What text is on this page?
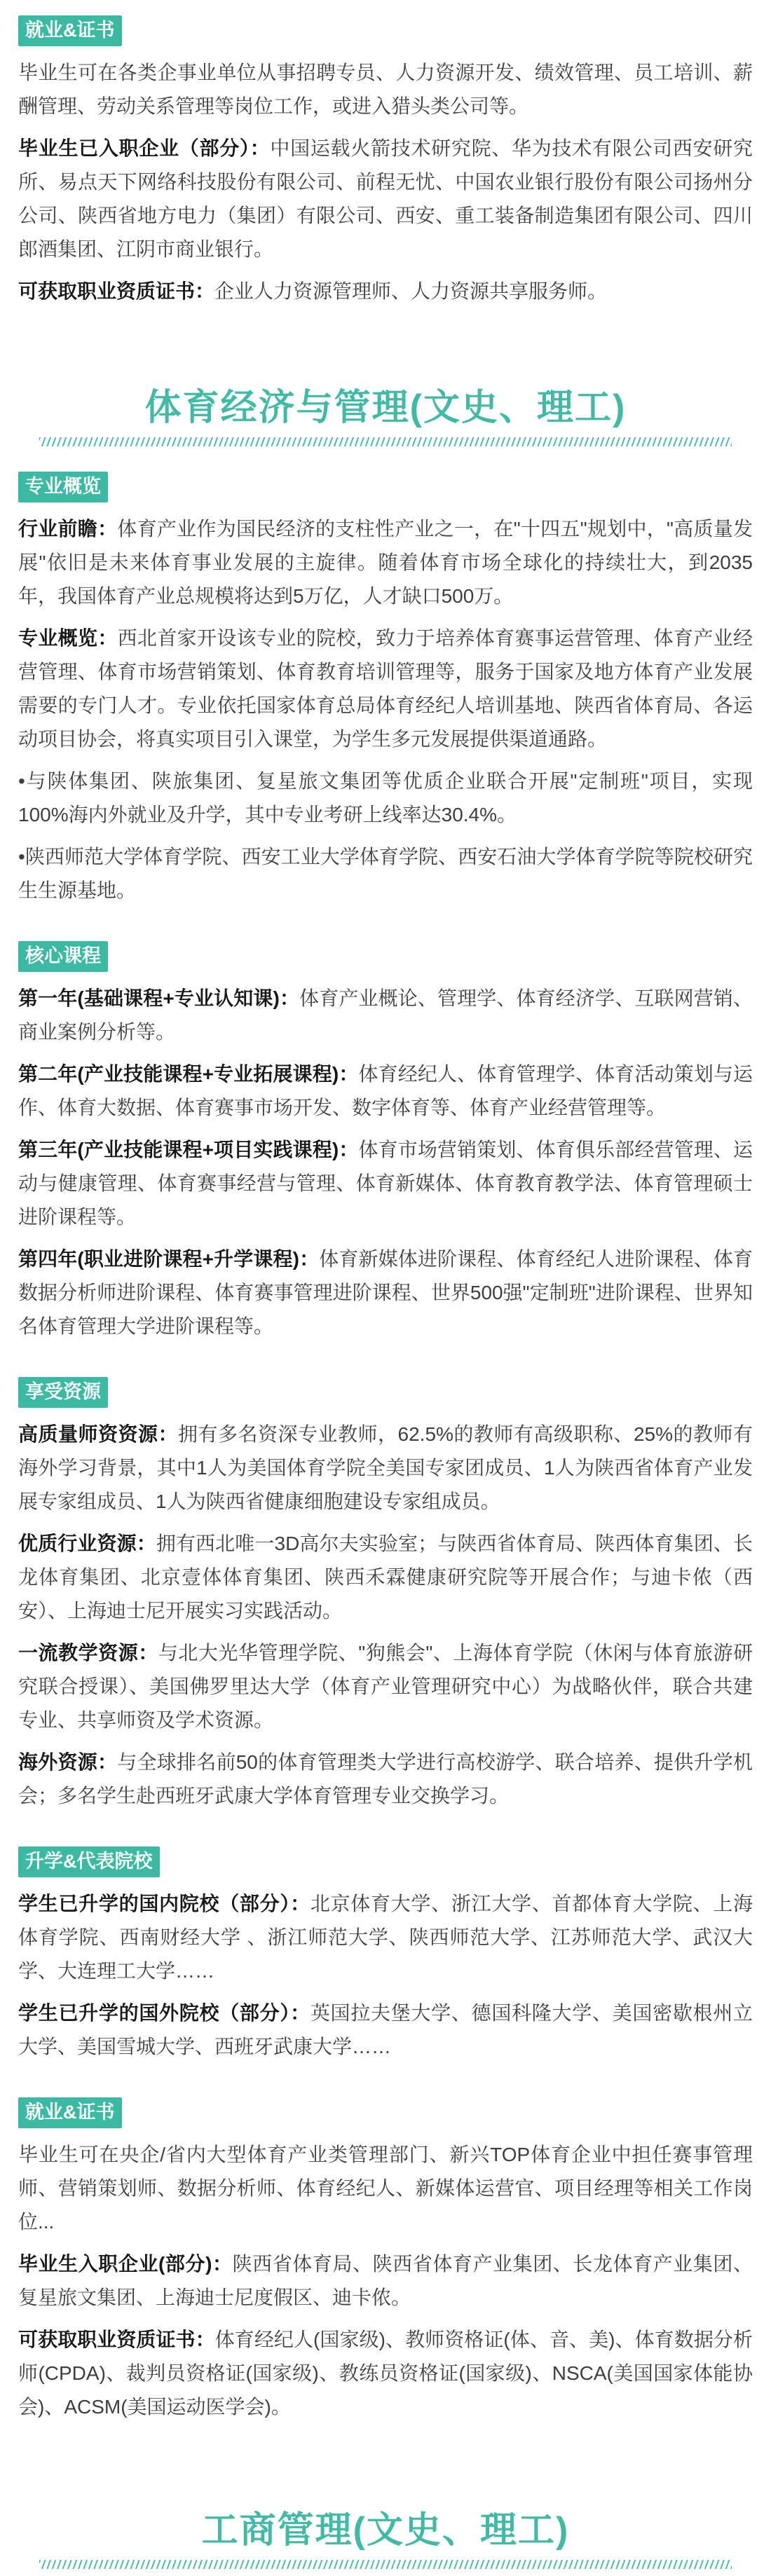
就业&证书

毕业生可在各类企事业单位从事招聘专员、人力资源开发、绩效管理、员工培训、薪酬管理、劳动关系管理等岗位工作，或进入猎头类公司等。

毕业生已入职企业（部分）：中国运载火箭技术研究院、华为技术有限公司西安研究所、易点天下网络科技股份有限公司、前程无忧、中国农业银行股份有限公司扬州分公司、陕西省地方电力（集团）有限公司、西安、重工装备制造集团有限公司、四川郎酒集团、江阴市商业银行。

可获取职业资质证书：企业人力资源管理师、人力资源共享服务师。

体育经济与管理(文史、理工)
专业概览

行业前瞻：体育产业作为国民经济的支柱性产业之一，在"十四五"规划中，"高质量发展"依旧是未来体育事业发展的主旋律。随着体育市场全球化的持续壮大，到2035年，我国体育产业总规模将达到5万亿，人才缺口500万。

专业概览：西北首家开设该专业的院校，致力于培养体育赛事运营管理、体育产业经营管理、体育市场营销策划、体育教育培训管理等，服务于国家及地方体育产业发展需要的专门人才。专业依托国家体育总局体育经纪人培训基地、陕西省体育局、各运动项目协会，将真实项目引入课堂，为学生多元发展提供渠道通路。

•与陕体集团、陕旅集团、复星旅文集团等优质企业联合开展"定制班"项目，实现100%海内外就业及升学，其中专业考研上线率达30.4%。

•陕西师范大学体育学院、西安工业大学体育学院、西安石油大学体育学院等院校研究生生源基地。

核心课程

第一年(基础课程+专业认知课)：体育产业概论、管理学、体育经济学、互联网营销、商业案例分析等。

第二年(产业技能课程+专业拓展课程)：体育经纪人、体育管理学、体育活动策划与运作、体育大数据、体育赛事市场开发、数字体育等、体育产业经营管理等。

第三年(产业技能课程+项目实践课程)：体育市场营销策划、体育俱乐部经营管理、运动与健康管理、体育赛事经营与管理、体育新媒体、体育教育教学法、体育管理硕士进阶课程等。

第四年(职业进阶课程+升学课程)：体育新媒体进阶课程、体育经纪人进阶课程、体育数据分析师进阶课程、体育赛事管理进阶课程、世界500强"定制班"进阶课程、世界知名体育管理大学进阶课程等。

享受资源

高质量师资资源：拥有多名资深专业教师，62.5%的教师有高级职称、25%的教师有海外学习背景，其中1人为美国体育学院全美国专家团成员、1人为陕西省体育产业发展专家组成员、1人为陕西省健康细胞建设专家组成员。

优质行业资源：拥有西北唯一3D高尔夫实验室；与陕西省体育局、陕西体育集团、长龙体育集团、北京壹体体育集团、陕西禾霖健康研究院等开展合作；与迪卡侬（西安）、上海迪士尼开展实习实践活动。

一流教学资源：与北大光华管理学院、"狗熊会"、上海体育学院（休闲与体育旅游研究联合授课）、美国佛罗里达大学（体育产业管理研究中心）为战略伙伴，联合共建专业、共享师资及学术资源。

海外资源：与全球排名前50的体育管理类大学进行高校游学、联合培养、提供升学机会；多名学生赴西班牙武康大学体育管理专业交换学习。

升学&代表院校

学生已升学的国内院校（部分）：北京体育大学、浙江大学、首都体育大学院、上海体育学院、西南财经大学 、浙江师范大学、陕西师范大学、江苏师范大学、武汉大学、大连理工大学……

学生已升学的国外院校（部分）：英国拉夫堡大学、德国科隆大学、美国密歇根州立大学、美国雪城大学、西班牙武康大学……

就业&证书

毕业生可在央企/省内大型体育产业类管理部门、新兴TOP体育企业中担任赛事管理师、营销策划师、数据分析师、体育经纪人、新媒体运营官、项目经理等相关工作岗位...

毕业生入职企业(部分)：陕西省体育局、陕西省体育产业集团、长龙体育产业集团、复星旅文集团、上海迪士尼度假区、迪卡侬。

可获取职业资质证书：体育经纪人(国家级)、教师资格证(体、音、美)、体育数据分析师(CPDA)、裁判员资格证(国家级)、教练员资格证(国家级)、NSCA(美国国家体能协会)、ACSM(美国运动医学会)。

工商管理(文史、理工)
